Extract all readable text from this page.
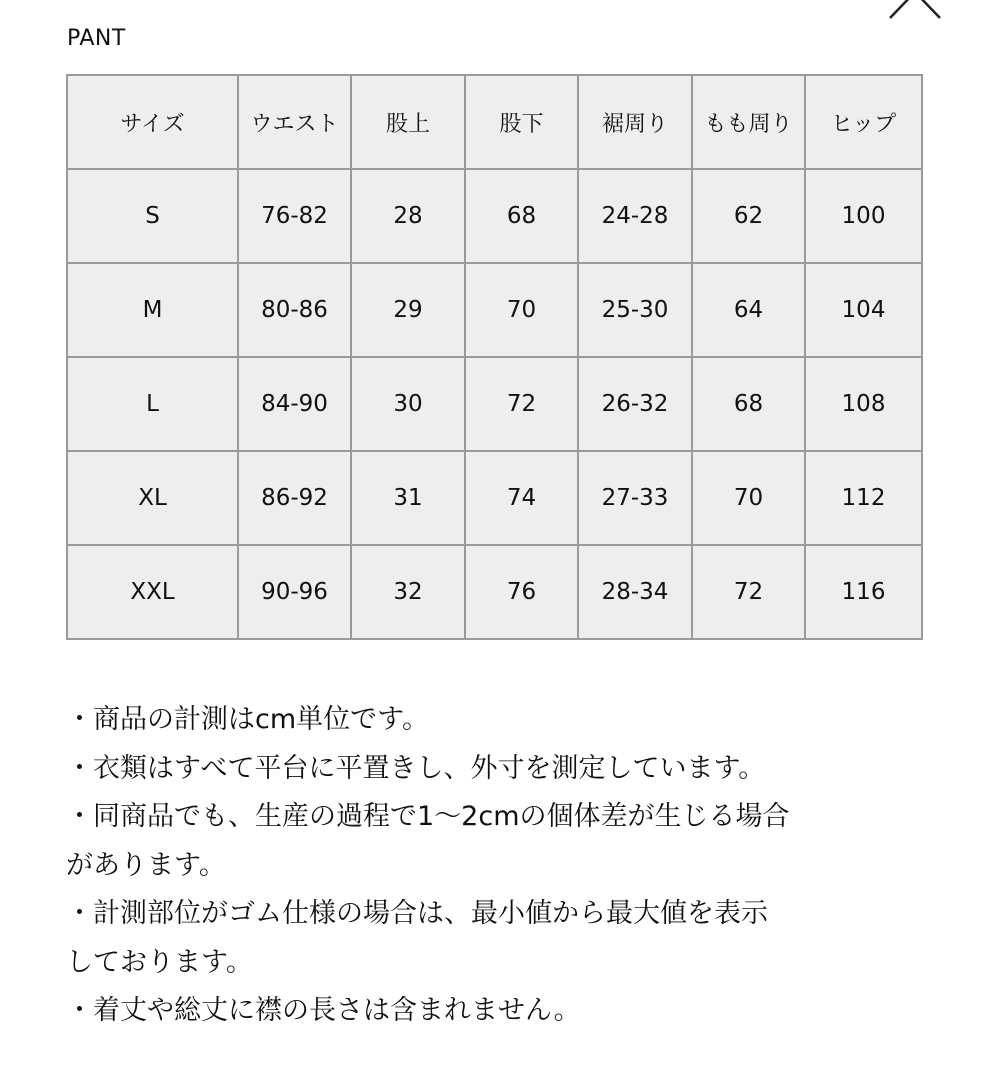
PANT
サイズ	ウエスト	股上	股下	裾周り	もも周り	ヒップ
S	76-82	28	68	24-28	62	100
M	80-86	29	70	25-30	64	104
L	84-90	30	72	26-32	68	108
XL	86-92	31	74	27-33	70	112
XXL	90-96	32	76	28-34	72	116
・商品の計測はcm単位です。
・衣類はすべて平台に平置きし、外寸を測定しています。
・同商品でも、生産の過程で1～2cmの個体差が生じる場合
があります。
・計測部位がゴム仕様の場合は、最小値から最大値を表示
しております。
・着丈や総丈に襟の長さは含まれません。
